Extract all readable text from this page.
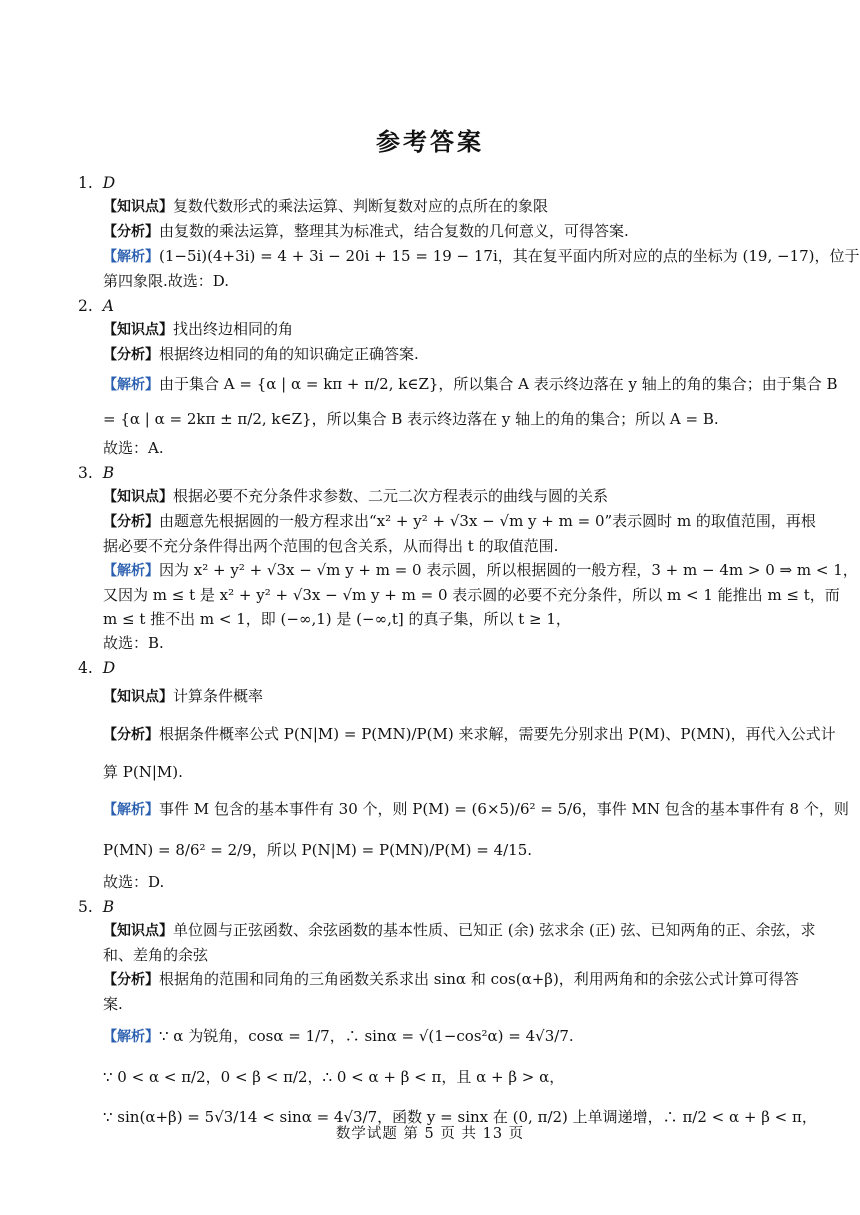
参考答案
1. D
【知识点】复数代数形式的乘法运算、判断复数对应的点所在的象限
【分析】由复数的乘法运算，整理其为标准式，结合复数的几何意义，可得答案.
【解析】(1−5i)(4+3i) = 4 + 3i − 20i + 15 = 19 − 17i，其在复平面内所对应的点的坐标为 (19, −17)，位于
第四象限.故选：D.
2. A
【知识点】找出终边相同的角
【分析】根据终边相同的角的知识确定正确答案.
【解析】由于集合 A = {α | α = kπ + π/2, k∈Z}，所以集合 A 表示终边落在 y 轴上的角的集合；由于集合 B
= {α | α = 2kπ ± π/2, k∈Z}，所以集合 B 表示终边落在 y 轴上的角的集合；所以 A = B.
故选：A.
3. B
【知识点】根据必要不充分条件求参数、二元二次方程表示的曲线与圆的关系
【分析】由题意先根据圆的一般方程求出“x² + y² + √3x − √m y + m = 0”表示圆时 m 的取值范围，再根
据必要不充分条件得出两个范围的包含关系，从而得出 t 的取值范围.
【解析】因为 x² + y² + √3x − √m y + m = 0 表示圆，所以根据圆的一般方程，3 + m − 4m > 0 ⇒ m < 1，
又因为 m ≤ t 是 x² + y² + √3x − √m y + m = 0 表示圆的必要不充分条件，所以 m < 1 能推出 m ≤ t，而
m ≤ t 推不出 m < 1，即 (−∞,1) 是 (−∞,t] 的真子集，所以 t ≥ 1，
故选：B.
4. D
【知识点】计算条件概率
【分析】根据条件概率公式 P(N|M) = P(MN)/P(M) 来求解，需要先分别求出 P(M)、P(MN)，再代入公式计
算 P(N|M).
【解析】事件 M 包含的基本事件有 30 个，则 P(M) = (6×5)/6² = 5/6，事件 MN 包含的基本事件有 8 个，则
P(MN) = 8/6² = 2/9，所以 P(N|M) = P(MN)/P(M) = 4/15.
故选：D.
5. B
【知识点】单位圆与正弦函数、余弦函数的基本性质、已知正 (余) 弦求余 (正) 弦、已知两角的正、余弦，求
和、差角的余弦
【分析】根据角的范围和同角的三角函数关系求出 sinα 和 cos(α+β)，利用两角和的余弦公式计算可得答
案.
【解析】∵ α 为锐角，cosα = 1/7，∴ sinα = √(1−cos²α) = 4√3/7.
∵ 0 < α < π/2，0 < β < π/2，∴ 0 < α + β < π，且 α + β > α，
∵ sin(α+β) = 5√3/14 < sinα = 4√3/7，函数 y = sinx 在 (0, π/2) 上单调递增，∴ π/2 < α + β < π，
数学试题 第 5 页 共 13 页
